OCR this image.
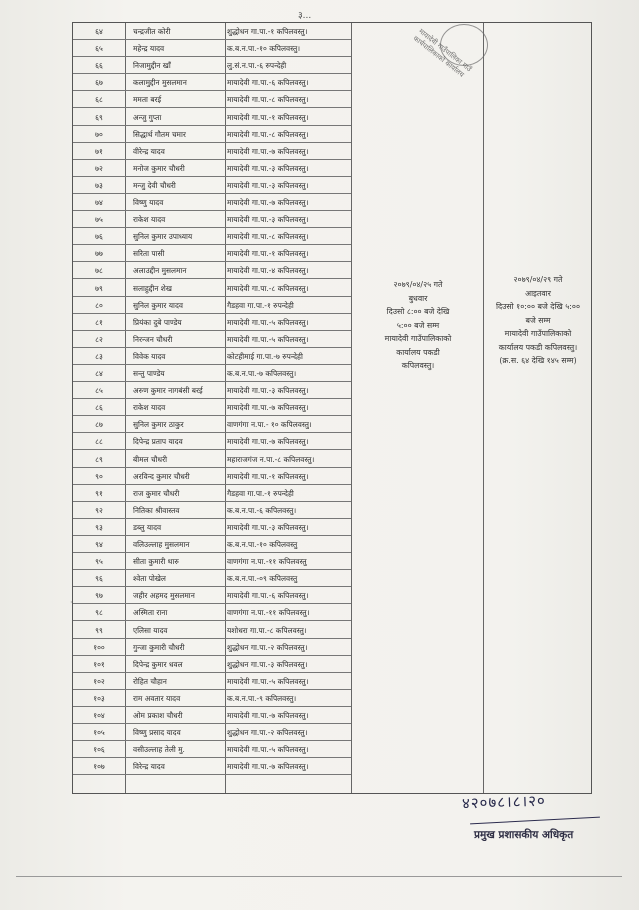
३...
६४	चन्द्रजीत कोरी	शुद्धोधन गा.पा.-१ कपिलवस्तु।
६५	महेन्द्र यादव	क.ब.न.पा.-१० कपिलवस्तु।
६६	निजामुद्दीन खाँ	लु.सं.न.पा.-६ रुपन्देही
६७	कलामुद्दीन मुसलमान	मायादेवी गा.पा.-६ कपिलवस्तु।
६८	ममता बरई	मायादेवी गा.पा.-८ कपिलवस्तु।
६९	अन्जु गुप्ता	मायादेवी गा.पा.-१ कपिलवस्तु।
७०	सिद्धार्थ गौतम चमार	मायादेवी गा.पा.-८ कपिलवस्तु।
७१	वीरेन्द्र यादव	मायादेवी गा.पा.-७ कपिलवस्तु।
७२	मनोज कुमार चौधरी	मायादेवी गा.पा.-३ कपिलवस्तु।
७३	मन्जु देवी चौधरी	मायादेवी गा.पा.-३ कपिलवस्तु।
७४	विष्णु यादव	मायादेवी गा.पा.-७ कपिलवस्तु।
७५	राकेश यादव	मायादेवी गा.पा.-३ कपिलवस्तु।
७६	सुनिल कुमार उपाध्याय	मायादेवी गा.पा.-८ कपिलवस्तु।
७७	सरिता पासी	मायादेवी गा.पा.-१ कपिलवस्तु।
७८	अलाउद्दीन मुसलमान	मायादेवी गा.पा.-४ कपिलवस्तु।
७९	सलाहुद्दीन शेख	मायादेवी गा.पा.-८ कपिलवस्तु।
८०	सुनिल कुमार यादव	गैडहवा गा.पा.-१ रुपन्देही
८१	प्रियंका दुबे पाण्डेय	मायादेवी गा.पा.-५ कपिलवस्तु।
८२	निरन्जन चौधरी	मायादेवी गा.पा.-५ कपिलवस्तु।
८३	विवेक यादव	कोटहीमाई गा.पा.-७ रुपन्देही
८४	सन्तु पाण्डेय	क.ब.न.पा.-७ कपिलवस्तु।
८५	अरुण कुमार नागबंसी बरई	मायादेवी गा.पा.-३ कपिलवस्तु।
८६	राकेश यादव	मायादेवी गा.पा.-७ कपिलवस्तु।
८७	सुनिल कुमार ठाकुर	वाणगंगा न.पा.- १० कपिलवस्तु।
८८	दिपेन्द्र प्रताप यादव	मायादेवी गा.पा.-७ कपिलवस्तु।
८९	बीमल चौधरी	महाराजगंज न.पा.-८ कपिलवस्तु।
९०	अरविन्द कुमार चौधरी	मायादेवी गा.पा.-१ कपिलवस्तु।
९१	राज कुमार चौधरी	गैडहवा गा.पा.-१ रुपन्देही
९२	नितिका श्रीवास्तव	क.ब.न.पा.-६ कपिलवस्तु।
९३	डब्लु यादव	मायादेवी गा.पा.-३ कपिलवस्तु।
९४	वलिउल्लाह मुसलमान	क.ब.न.पा.-१० कपिलवस्तु
९५	सीता कुमारी थारु	वाणगंगा न.पा.-११ कपिलवस्तु
९६	श्वेता पोखेल	क.ब.न.पा.-०९ कपिलवस्तु
९७	जहीर अहमद मुसलमान	मायादेवी गा.पा.-६ कपिलवस्तु।
९८	अस्मिता राना	वाणगंगा न.पा.-११ कपिलवस्तु।
९९	एलिसा यादव	यशोधरा गा.पा.-८ कपिलवस्तु।
१००	गुन्जा कुमारी चौधरी	शुद्धोधन गा.पा.-२ कपिलवस्तु।
१०१	दिपेन्द्र कुमार धवल	शुद्धोधन गा.पा.-३ कपिलवस्तु।
१०२	रोहित चौहान	मायादेवी गा.पा.-५ कपिलवस्तु।
१०३	राम अवतार यादव	क.ब.न.पा.-९ कपिलवस्तु।
१०४	ओम प्रकाश चौधरी	मायादेवी गा.पा.-७ कपिलवस्तु।
१०५	विष्णु प्रसाद यादव	शुद्धोधन गा.पा.-२ कपिलवस्तु।
१०६	वसीउल्लाह तेली मु.	मायादेवी गा.पा.-५ कपिलवस्तु।
१०७	विरेन्द्र यादव	मायादेवी गा.पा.-७ कपिलवस्तु।
२०७९/०४/२५ गते
बुधवार
दिउसो ८:०० बजे देखि
५:०० बजे सम्म
मायादेवी गाउँपालिकाको
कार्यालय पकडी
कपिलवस्तु।
२०७९/०४/२९ गते
आइतवार
दिउसो १०:०० बजे देखि ५:००
बजे सम्म
मायादेवी गाउँपालिकाको
कार्यालय पकडी कपिलवस्तु।
(क्र.स. ६४ देखि १४५ सम्म)
मायादेवी गाउँपालिका गाउँ कार्यपालिकाको कार्यालय
·
४२०७८।८।२०
प्रमुख प्रशासकीय अधिकृत
